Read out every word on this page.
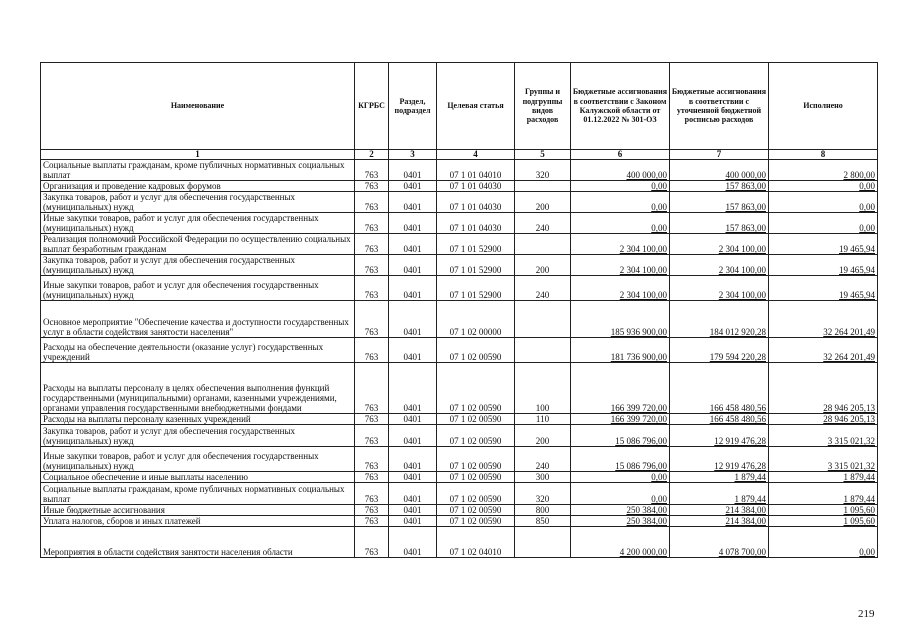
Наименование	КГРБС	Раздел, подраздел	Целевая статья	Группы и подгруппы видов расходов	Бюджетные ассигнования в соответствии с Законом Калужской области от 01.12.2022 № 301-ОЗ	Бюджетные ассигнования в соответствии с уточненной бюджетной росписью расходов	Исполнено
1	2	3	4	5	6	7	8
Социальные выплаты гражданам, кроме публичных нормативных социальных выплат	763	0401	07 1 01 04010	320	400 000,00	400 000,00	2 800,00
Организация и проведение кадровых форумов	763	0401	07 1 01 04030		0,00	157 863,00	0,00
Закупка товаров, работ и услуг для обеспечения государственных (муниципальных) нужд	763	0401	07 1 01 04030	200	0,00	157 863,00	0,00
Иные закупки товаров, работ и услуг для обеспечения государственных (муниципальных) нужд	763	0401	07 1 01 04030	240	0,00	157 863,00	0,00
Реализация полномочий Российской Федерации по осуществлению социальных выплат безработным гражданам	763	0401	07 1 01 52900		2 304 100,00	2 304 100,00	19 465,94
Закупка товаров, работ и услуг для обеспечения государственных (муниципальных) нужд	763	0401	07 1 01 52900	200	2 304 100,00	2 304 100,00	19 465,94
Иные закупки товаров, работ и услуг для обеспечения государственных (муниципальных) нужд	763	0401	07 1 01 52900	240	2 304 100,00	2 304 100,00	19 465,94
Основное мероприятие "Обеспечение качества и доступности государственных услуг в области содействия занятости населения"	763	0401	07 1 02 00000		185 936 900,00	184 012 920,28	32 264 201,49
Расходы на обеспечение деятельности (оказание услуг) государственных учреждений	763	0401	07 1 02 00590		181 736 900,00	179 594 220,28	32 264 201,49
Расходы на выплаты персоналу в целях обеспечения выполнения функций государственными (муниципальными) органами, казенными учреждениями, органами управления государственными внебюджетными фондами	763	0401	07 1 02 00590	100	166 399 720,00	166 458 480,56	28 946 205,13
Расходы на выплаты персоналу казенных учреждений	763	0401	07 1 02 00590	110	166 399 720,00	166 458 480,56	28 946 205,13
Закупка товаров, работ и услуг для обеспечения государственных (муниципальных) нужд	763	0401	07 1 02 00590	200	15 086 796,00	12 919 476,28	3 315 021,32
Иные закупки товаров, работ и услуг для обеспечения государственных (муниципальных) нужд	763	0401	07 1 02 00590	240	15 086 796,00	12 919 476,28	3 315 021,32
Социальное обеспечение и иные выплаты населению	763	0401	07 1 02 00590	300	0,00	1 879,44	1 879,44
Социальные выплаты гражданам, кроме публичных нормативных социальных выплат	763	0401	07 1 02 00590	320	0,00	1 879,44	1 879,44
Иные бюджетные ассигнования	763	0401	07 1 02 00590	800	250 384,00	214 384,00	1 095,60
Уплата налогов, сборов и иных платежей	763	0401	07 1 02 00590	850	250 384,00	214 384,00	1 095,60
Мероприятия в области содействия занятости населения области	763	0401	07 1 02 04010		4 200 000,00	4 078 700,00	0,00
219
